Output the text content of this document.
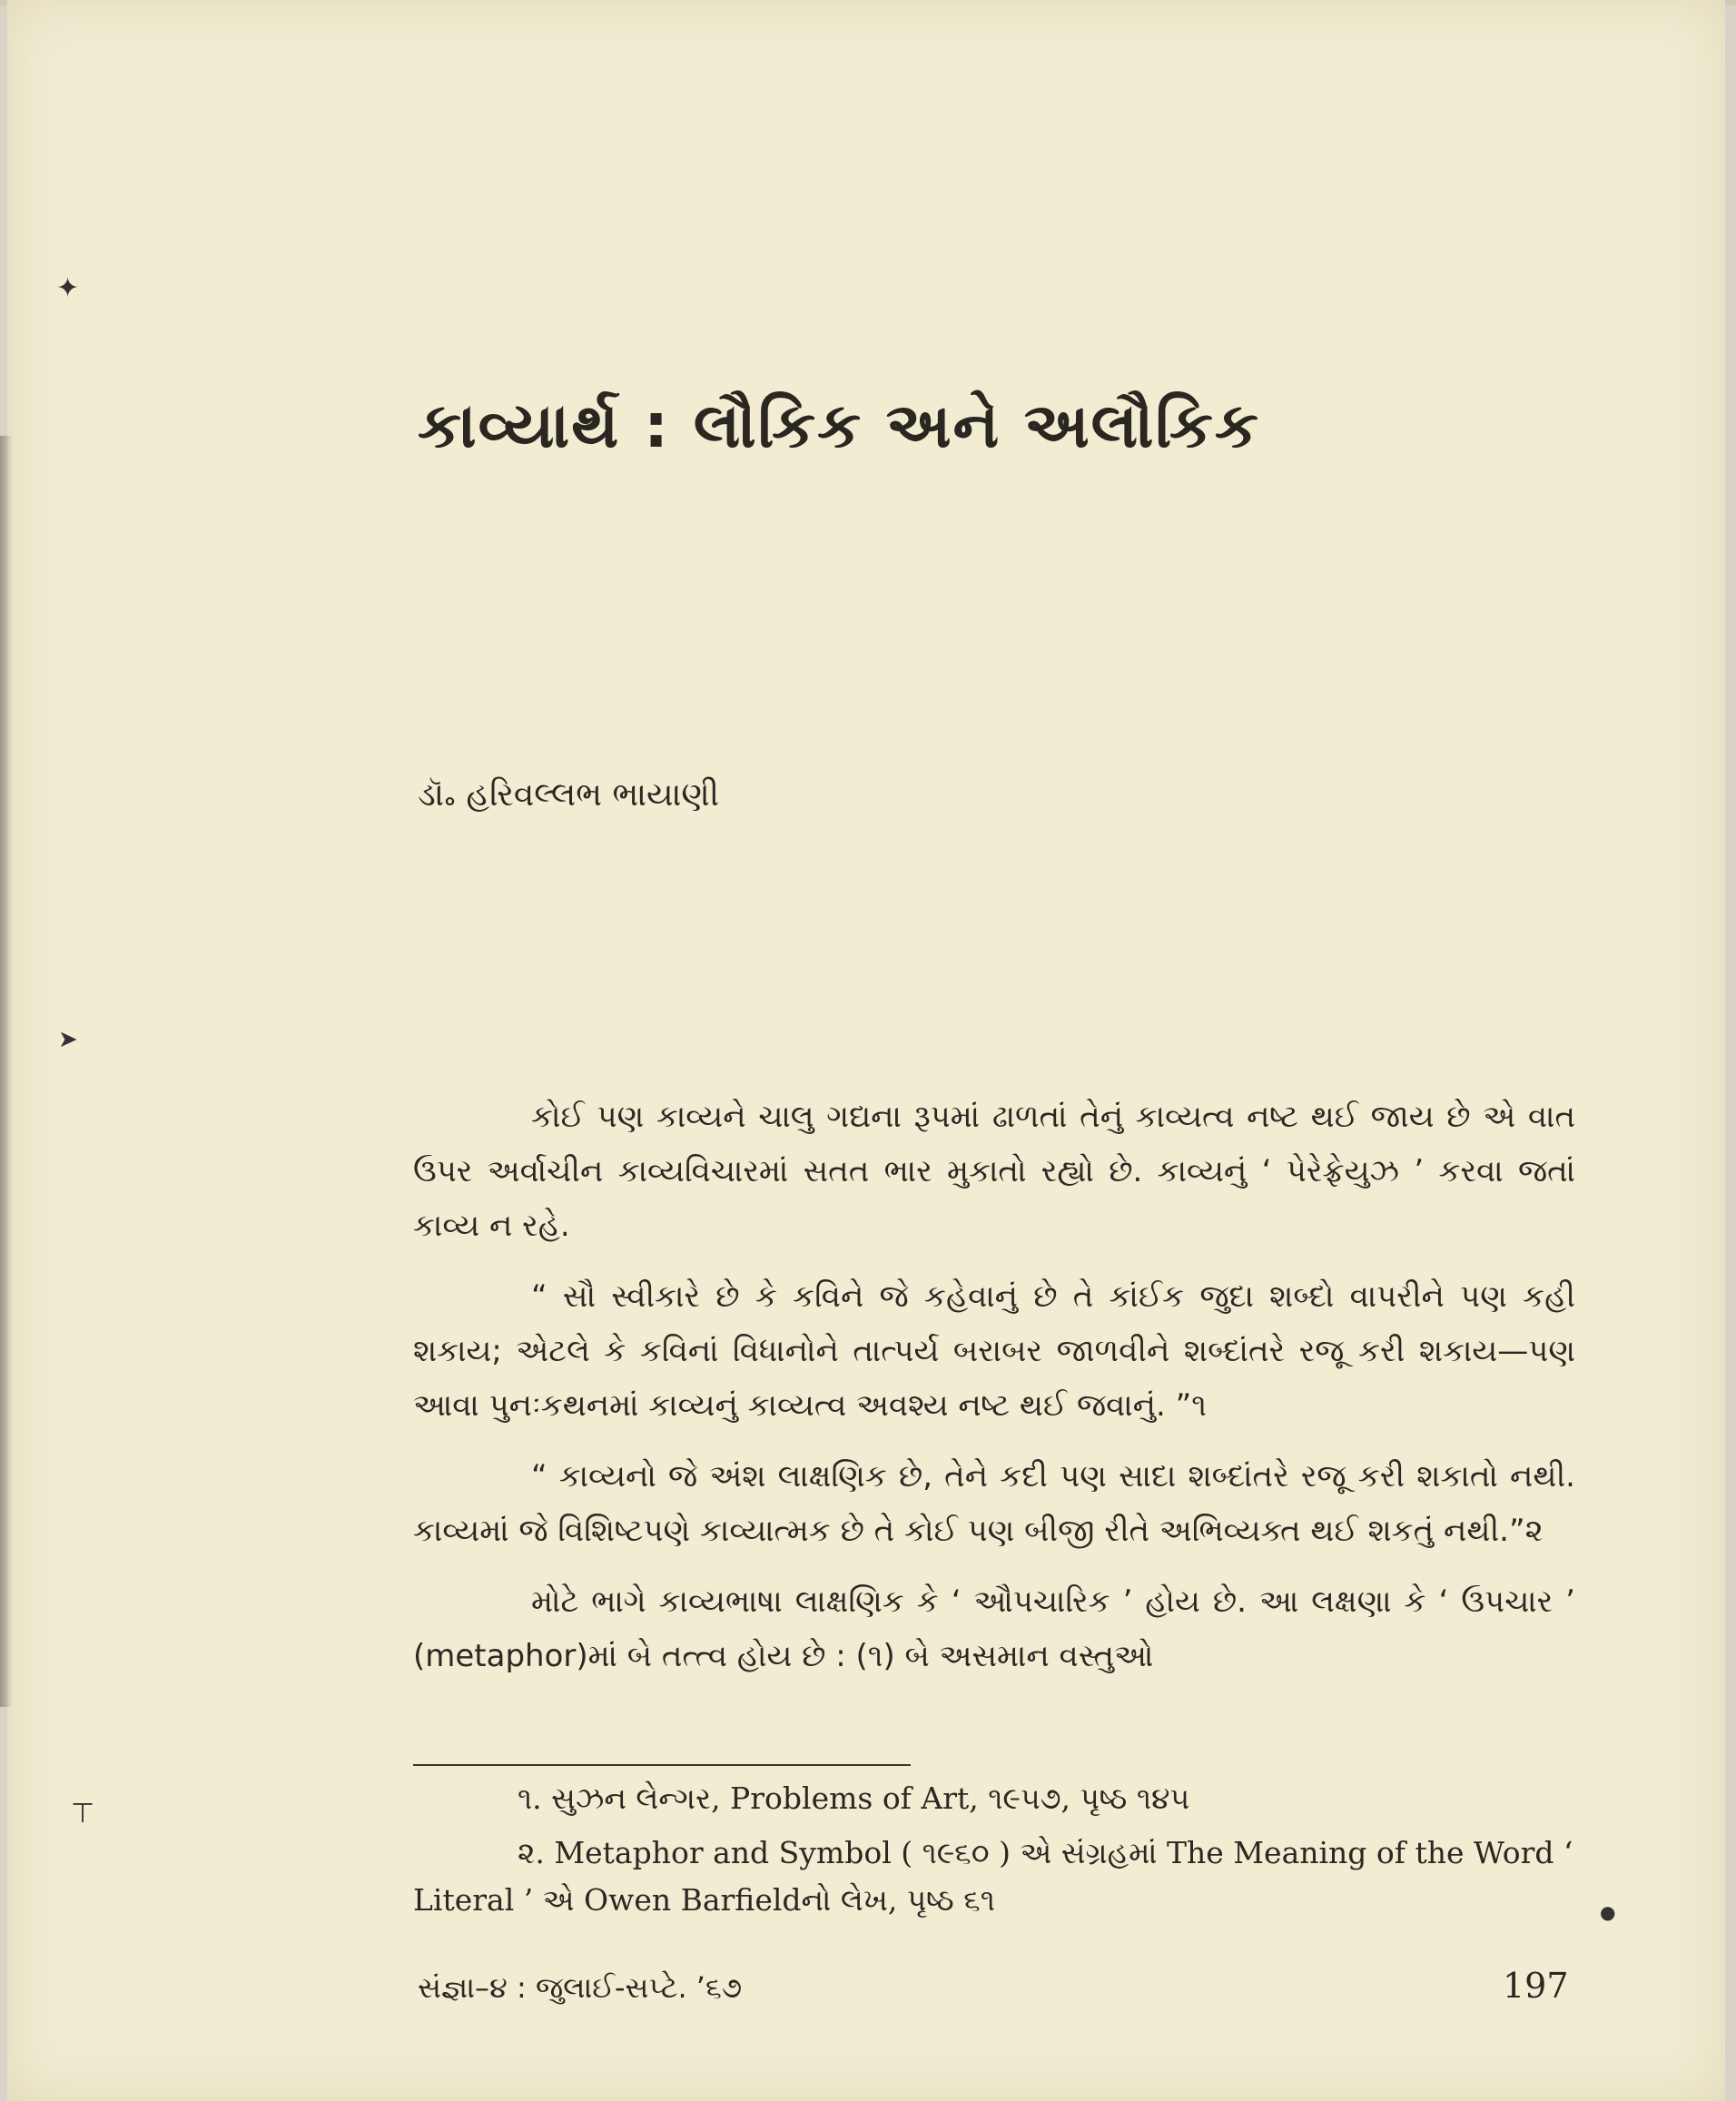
✦
➤
⊤
●
કાવ્યાર્થ : લૌકિક અને અલૌકિક
ડૉ૰ હરિવલ્લભ ભાયાણી

કોઈ પણ કાવ્યને ચાલુ ગદ્યના રૂપમાં ઢાળતાં તેનું કાવ્યત્વ નષ્ટ થઈ જાય છે એ વાત ઉપર અર્વાચીન કાવ્યવિચારમાં સતત ભાર મુકાતો રહ્યો છે. કાવ્યનું ‘ પેરેફ્રેયુઝ ’ કરવા જતાં કાવ્ય ન રહે.

“ સૌ સ્વીકારે છે કે કવિને જે કહેવાનું છે તે કાંઈક જુદા શબ્દો વાપરીને પણ કહી શકાય; એટલે કે કવિનાં વિધાનોને તાત્પર્ય બરાબર જાળવીને શબ્દાંતરે રજૂ કરી શકાય—પણ આવા પુનઃકથનમાં કાવ્યનું કાવ્યત્વ અવશ્ય નષ્ટ થઈ જવાનું. ”૧

“ કાવ્યનો જે અંશ લાક્ષણિક છે, તેને કદી પણ સાદા શબ્દાંતરે રજૂ કરી શકાતો નથી. કાવ્યમાં જે વિશિષ્ટપણે કાવ્યાત્મક છે તે કોઈ પણ બીજી રીતે અભિવ્યક્ત થઈ શકતું નથી.”૨

મોટે ભાગે કાવ્યભાષા લાક્ષણિક કે ‘ ઔપચારિક ’ હોય છે. આ લક્ષણા કે ‘ ઉપચાર ’ (metaphor)માં બે તત્ત્વ હોય છે : (૧) બે અસમાન વસ્તુઓ

૧. સુઝન લેન્ગર, Problems of Art, ૧૯૫૭, પૃષ્ઠ ૧૪૫

૨. Metaphor and Symbol ( ૧૯૬૦ ) એ સંગ્રહમાં The Meaning of the Word ‘ Literal ’ એ Owen Barfieldનો લેખ, પૃષ્ઠ ૬૧

સંજ્ઞા–૪ : જુલાઈ-સપ્ટે. ’૬૭	197
